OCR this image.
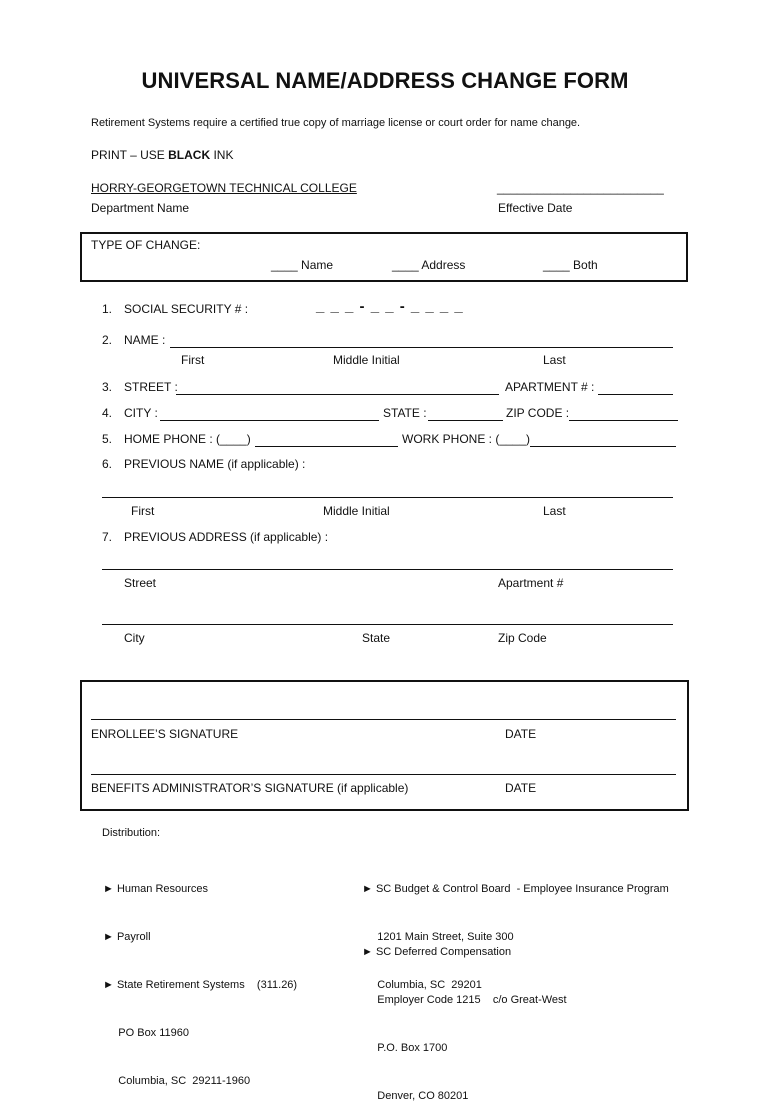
UNIVERSAL NAME/ADDRESS CHANGE FORM
Retirement Systems require a certified true copy of marriage license or court order for name change.
PRINT – USE BLACK INK
HORRY-GEORGETOWN TECHNICAL COLLEGE
Department Name
_________________________
Effective Date
TYPE OF CHANGE:
____ Name	____ Address	____ Both
1. SOCIAL SECURITY # :	_ _ _ - _ _ - _ _ _ _
2. NAME :
First	Middle Initial	Last
3. STREET :	APARTMENT # :
4. CITY :	STATE :	ZIP CODE :
5. HOME PHONE : (____)	WORK PHONE : (____)
6. PREVIOUS NAME (if applicable) :
First	Middle Initial	Last
7. PREVIOUS ADDRESS (if applicable) :
Street	Apartment #
City	State	Zip Code
ENROLLEE’S SIGNATURE	DATE
BENEFITS ADMINISTRATOR’S SIGNATURE (if applicable)	DATE
Distribution:

► Human Resources

► Payroll

► State Retirement Systems    (311.26)

PO Box 11960

Columbia, SC  29211-1960

► SC Budget & Control Board  - Employee Insurance Program

1201 Main Street, Suite 300

Columbia, SC  29201

► SC Deferred Compensation

Employer Code 1215    c/o Great-West

P.O. Box 1700

Denver, CO 80201
